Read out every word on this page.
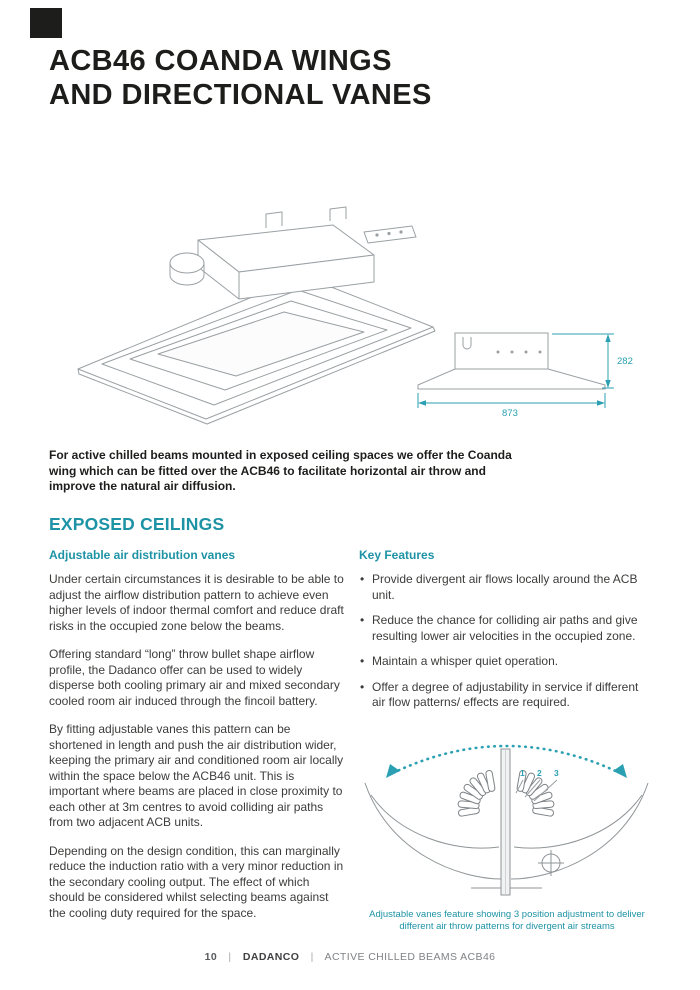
ACB46 COANDA WINGS
AND DIRECTIONAL VANES
282
873

For active chilled beams mounted in exposed ceiling spaces we offer the Coanda wing which can be fitted over the ACB46 to facilitate horizontal air throw and improve the natural air diffusion.

EXPOSED CEILINGS
Adjustable air distribution vanes

Under certain circumstances it is desirable to be able to adjust the airflow distribution pattern to achieve even higher levels of indoor thermal comfort and reduce draft risks in the occupied zone below the beams.

Offering standard “long” throw bullet shape airflow profile, the Dadanco offer can be used to widely disperse both cooling primary air and mixed secondary cooled room air induced through the fincoil battery.

By fitting adjustable vanes this pattern can be shortened in length and push the air distribution wider, keeping the primary air and conditioned room air locally within the space below the ACB46 unit. This is important where beams are placed in close proximity to each other at 3m centres to avoid colliding air paths from two adjacent ACB units.

Depending on the design condition, this can marginally reduce the induction ratio with a very minor reduction in the secondary cooling output. The effect of which should be considered whilst selecting beams against the cooling duty required for the space.

Key Features
• Provide divergent air flows locally around the ACB unit.
• Reduce the chance for colliding air paths and give resulting lower air velocities in the occupied zone.
• Maintain a whisper quiet operation.
• Offer a degree of adjustability in service if different air flow patterns/ effects are required.
1 2 3
Adjustable vanes feature showing 3 position adjustment to deliver different air throw patterns for divergent air streams
10 | DADANCO | ACTIVE CHILLED BEAMS ACB46
